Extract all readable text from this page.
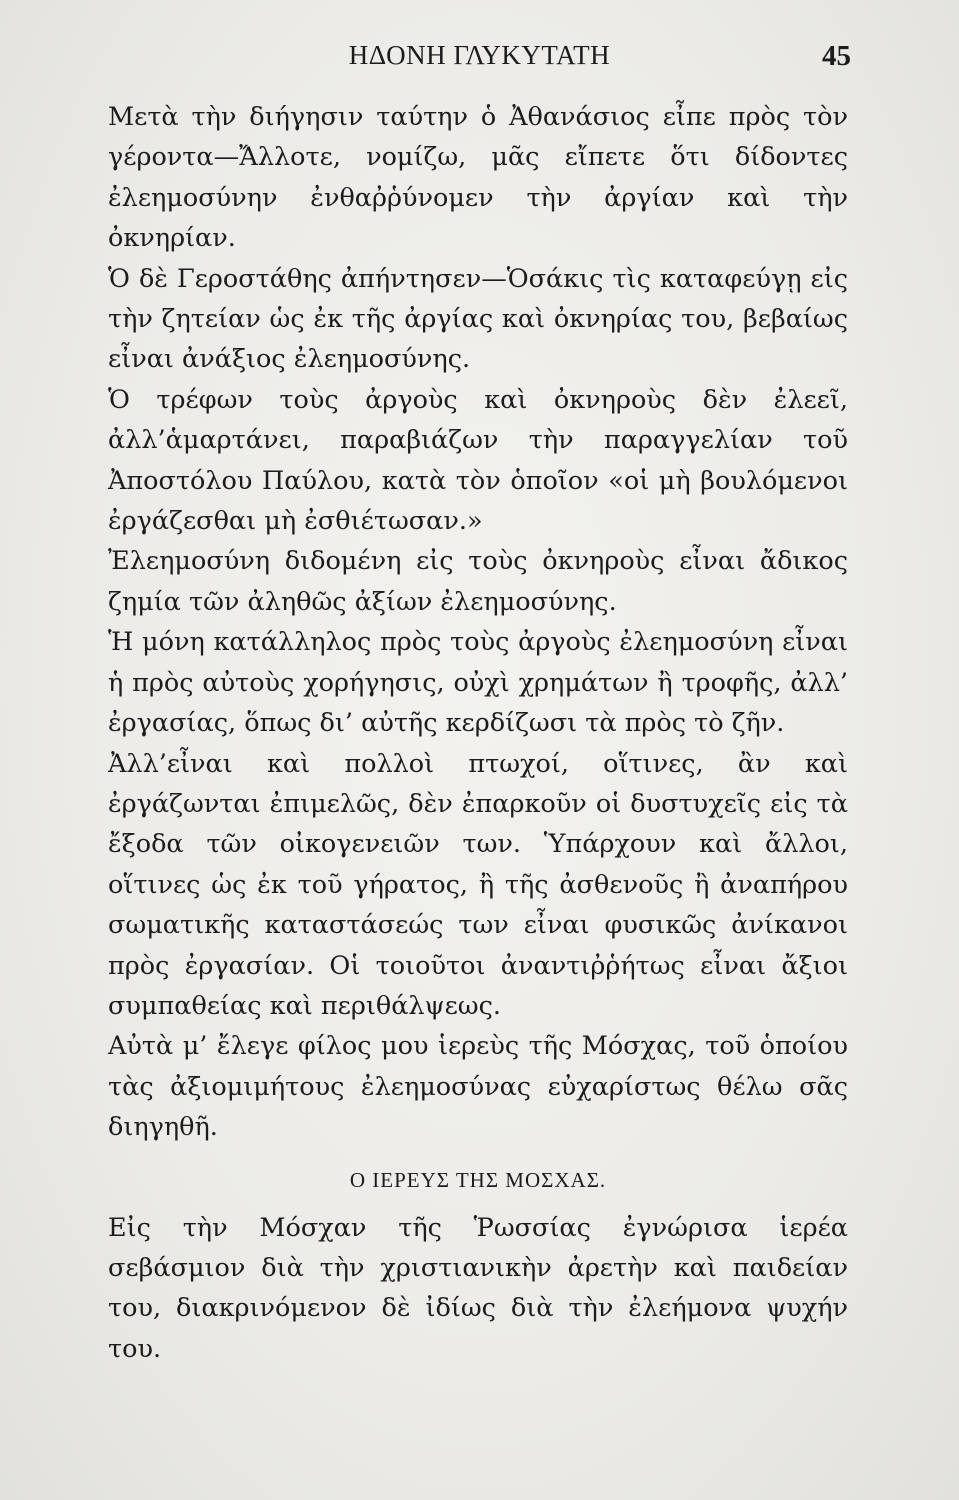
ΗΔΟΝΗ ΓΛΥΚΥΤΑΤΗ	45

Μετὰ τὴν διήγησιν ταύτην ὁ Ἀθανάσιος εἶπε πρὸς τὸν γέροντα—Ἄλλοτε, νομίζω, μᾶς εἴπετε ὅτι δίδοντες ἐλεημοσύνην ἐνθαῤῥύνομεν τὴν ἀργίαν καὶ τὴν ὀκνηρίαν.

Ὁ δὲ Γεροστάθης ἀπήντησεν—Ὁσάκις τὶς καταφεύγῃ εἰς τὴν ζητείαν ὡς ἐκ τῆς ἀργίας καὶ ὀκνηρίας του, βεβαίως εἶναι ἀνάξιος ἐλεημοσύνης.

Ὁ τρέφων τοὺς ἀργοὺς καὶ ὀκνηροὺς δὲν ἐλεεῖ, ἀλλ’ἁμαρτάνει, παραβιάζων τὴν παραγγελίαν τοῦ Ἀποστόλου Παύλου, κατὰ τὸν ὁποῖον «οἱ μὴ βουλόμενοι ἐργάζεσθαι μὴ ἐσθιέτωσαν.»

Ἐλεημοσύνη διδομένη εἰς τοὺς ὀκνηροὺς εἶναι ἄδικος ζημία τῶν ἀληθῶς ἀξίων ἐλεημοσύνης.

Ἡ μόνη κατάλληλος πρὸς τοὺς ἀργοὺς ἐλεημοσύνη εἶναι ἡ πρὸς αὐτοὺς χορήγησις, οὐχὶ χρημάτων ἢ τροφῆς, ἀλλ’ ἐργασίας, ὅπως δι’ αὐτῆς κερδίζωσι τὰ πρὸς τὸ ζῆν.

Ἀλλ’εἶναι καὶ πολλοὶ πτωχοί, οἵτινες, ἂν καὶ ἐργάζωνται ἐπιμελῶς, δὲν ἐπαρκοῦν οἱ δυστυχεῖς εἰς τὰ ἔξοδα τῶν οἰκογενειῶν των. Ὑπάρχουν καὶ ἄλλοι, οἵτινες ὡς ἐκ τοῦ γήρατος, ἢ τῆς ἀσθενοῦς ἢ ἀναπήρου σωματικῆς καταστάσεώς των εἶναι φυσικῶς ἀνίκανοι πρὸς ἐργασίαν. Οἱ τοιοῦτοι ἀναντιῤῥήτως εἶναι ἄξιοι συμπαθείας καὶ περιθάλψεως.

Αὐτὰ μ’ ἔλεγε φίλος μου ἱερεὺς τῆς Μόσχας, τοῦ ὁποίου τὰς ἀξιομιμήτους ἐλεημοσύνας εὐχαρίστως θέλω σᾶς διηγηθῆ.

Ο ΙΕΡΕΥΣ ΤΗΣ ΜΟΣΧΑΣ.

Εἰς τὴν Μόσχαν τῆς Ῥωσσίας ἐγνώρισα ἱερέα σεβάσμιον διὰ τὴν χριστιανικὴν ἀρετὴν καὶ παιδείαν του, διακρινόμενον δὲ ἰδίως διὰ τὴν ἐλεήμονα ψυχήν του.
